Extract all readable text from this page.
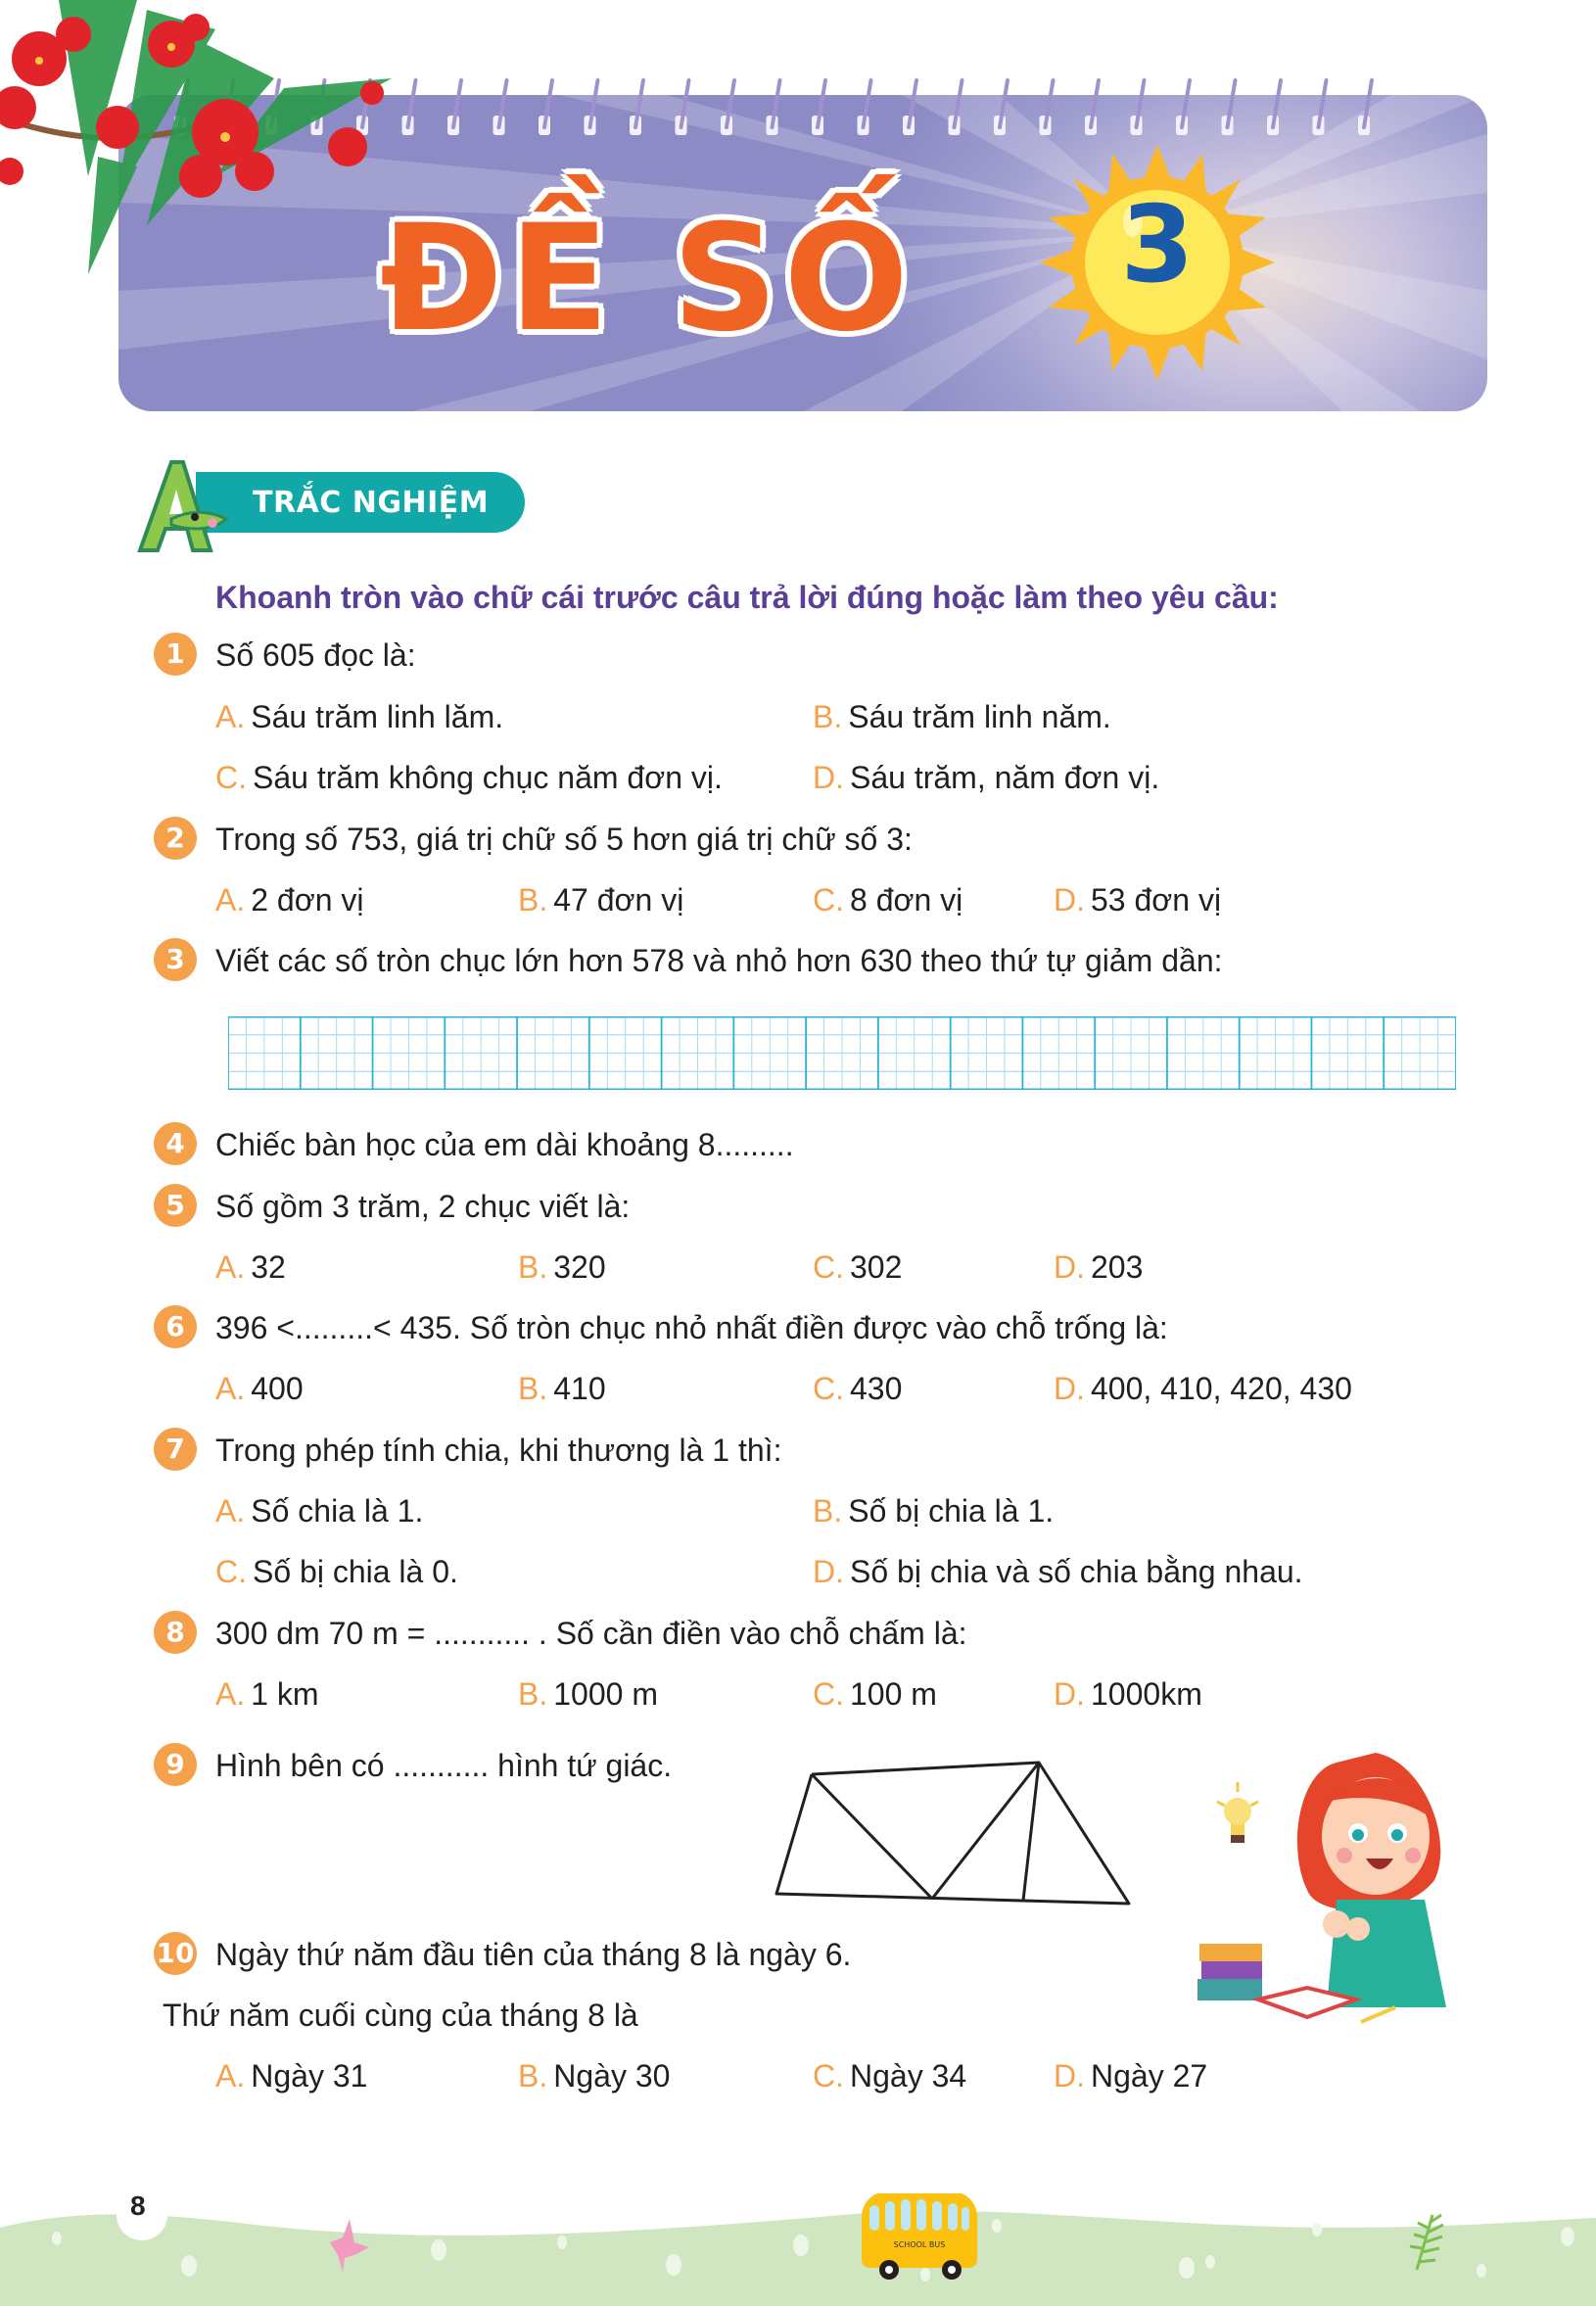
ĐỀ SỐ	3
TRẮC NGHIỆM
Khoanh tròn vào chữ cái trước câu trả lời đúng hoặc làm theo yêu cầu:
1 Số 605 đọc là:
A. Sáu trăm linh lăm.	B. Sáu trăm linh năm.
C. Sáu trăm không chục năm đơn vị.	D. Sáu trăm, năm đơn vị.
2 Trong số 753, giá trị chữ số 5 hơn giá trị chữ số 3:
A. 2 đơn vị	B. 47 đơn vị	C. 8 đơn vị	D. 53 đơn vị
3 Viết các số tròn chục lớn hơn 578 và nhỏ hơn 630 theo thứ tự giảm dần:
4 Chiếc bàn học của em dài khoảng 8.........
5 Số gồm 3 trăm, 2 chục viết là:
A. 32	B. 320	C. 302	D. 203
6 396 <.........< 435. Số tròn chục nhỏ nhất điền được vào chỗ trống là:
A. 400	B. 410	C. 430	D. 400, 410, 420, 430
7 Trong phép tính chia, khi thương là 1 thì:
A. Số chia là 1.	B. Số bị chia là 1.
C. Số bị chia là 0.	D. Số bị chia và số chia bằng nhau.
8 300 dm 70 m = ........... . Số cần điền vào chỗ chấm là:
A. 1 km	B. 1000 m	C. 100 m	D. 1000km
9 Hình bên có ........... hình tứ giác.
10 Ngày thứ năm đầu tiên của tháng 8 là ngày 6.
Thứ năm cuối cùng của tháng 8 là
A. Ngày 31	B. Ngày 30	C. Ngày 34	D. Ngày 27
SCHOOL BUS
8
